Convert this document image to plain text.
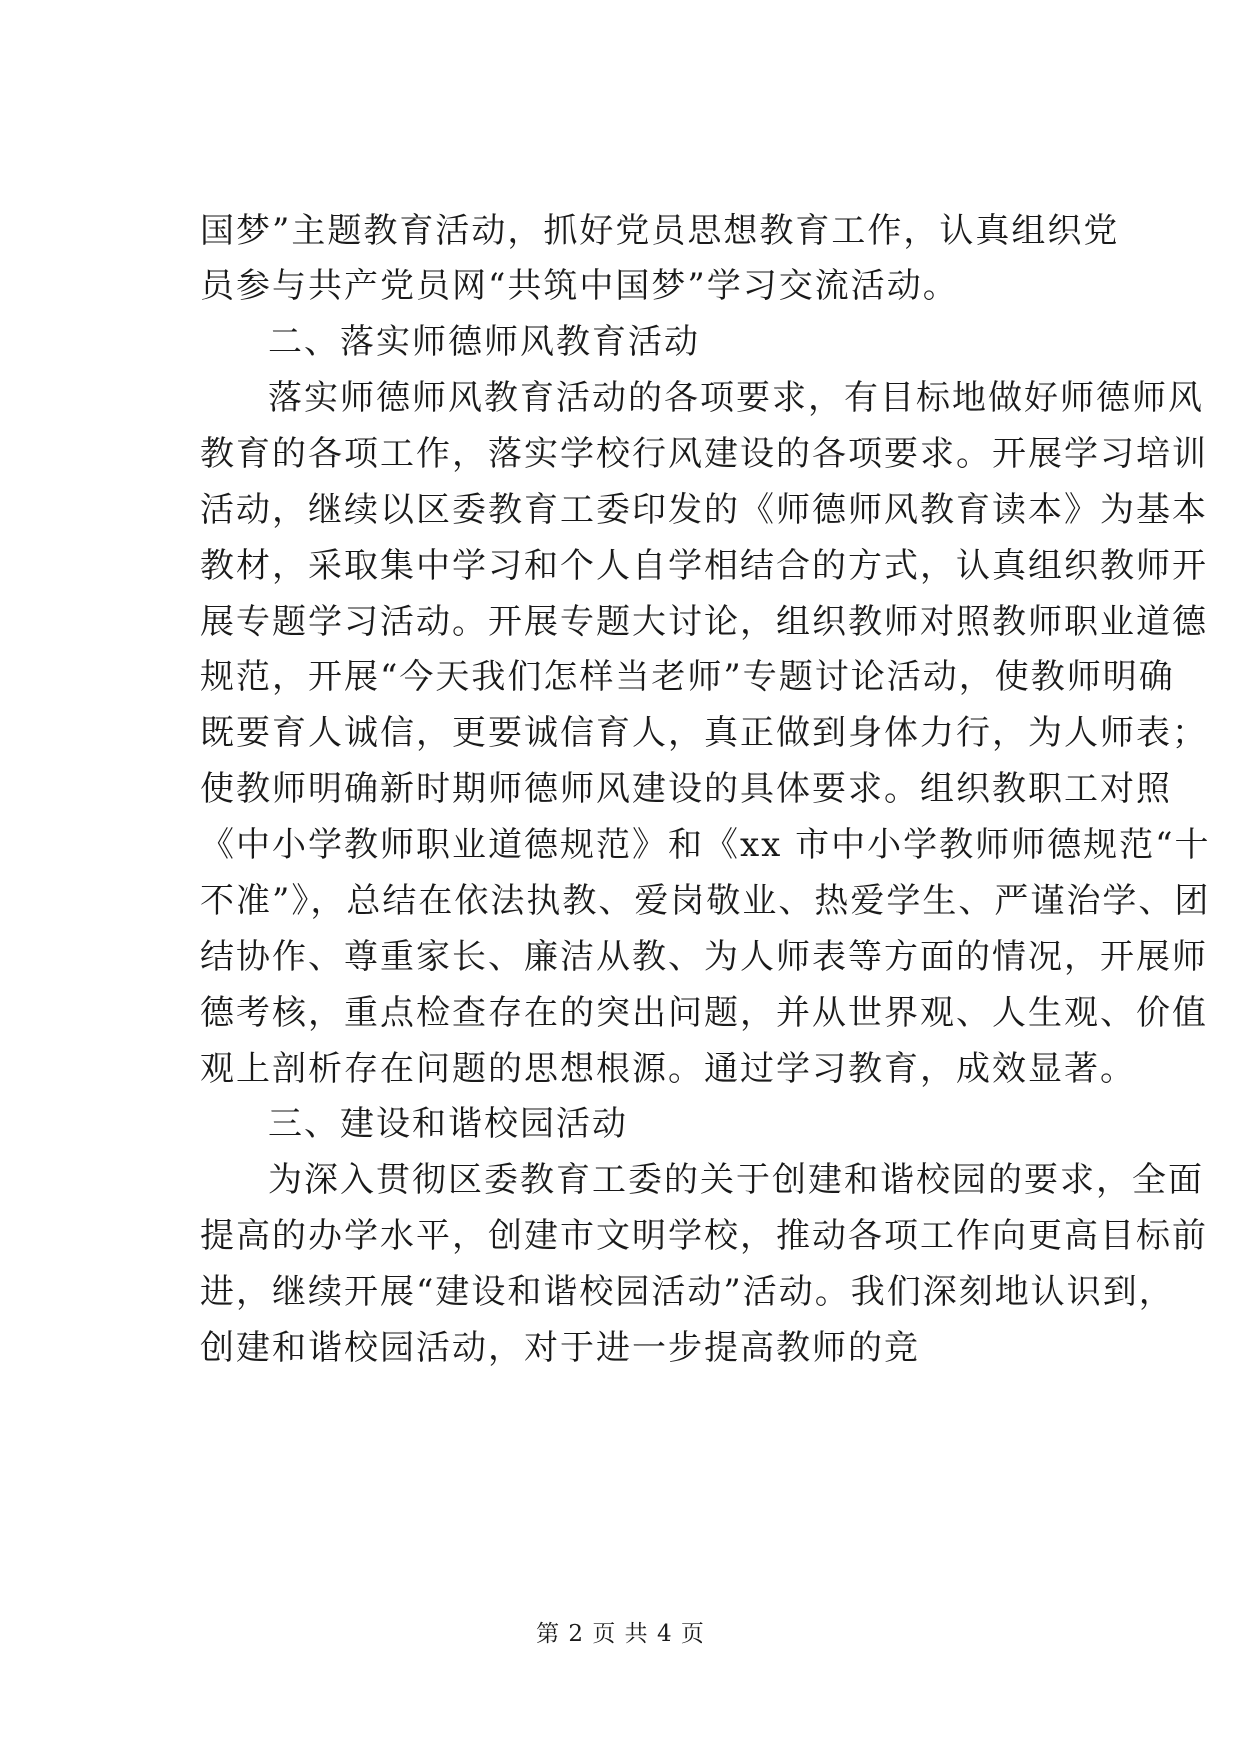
国梦”主题教育活动，抓好党员思想教育工作，认真组织党
员参与共产党员网“共筑中国梦”学习交流活动。
二、落实师德师风教育活动
落实师德师风教育活动的各项要求，有目标地做好师德师风
教育的各项工作，落实学校行风建设的各项要求。开展学习培训
活动，继续以区委教育工委印发的《师德师风教育读本》为基本
教材，采取集中学习和个人自学相结合的方式，认真组织教师开
展专题学习活动。开展专题大讨论，组织教师对照教师职业道德
规范，开展“今天我们怎样当老师”专题讨论活动，使教师明确
既要育人诚信，更要诚信育人，真正做到身体力行，为人师表；
使教师明确新时期师德师风建设的具体要求。组织教职工对照
《中小学教师职业道德规范》和《xx 市中小学教师师德规范“十
不准”》，总结在依法执教、爱岗敬业、热爱学生、严谨治学、团
结协作、尊重家长、廉洁从教、为人师表等方面的情况，开展师
德考核，重点检查存在的突出问题，并从世界观、人生观、价值
观上剖析存在问题的思想根源。通过学习教育，成效显著。
三、建设和谐校园活动
为深入贯彻区委教育工委的关于创建和谐校园的要求，全面
提高的办学水平，创建市文明学校，推动各项工作向更高目标前
进，继续开展“建设和谐校园活动”活动。我们深刻地认识到，
创建和谐校园活动，对于进一步提高教师的竞
第 2 页 共 4 页
